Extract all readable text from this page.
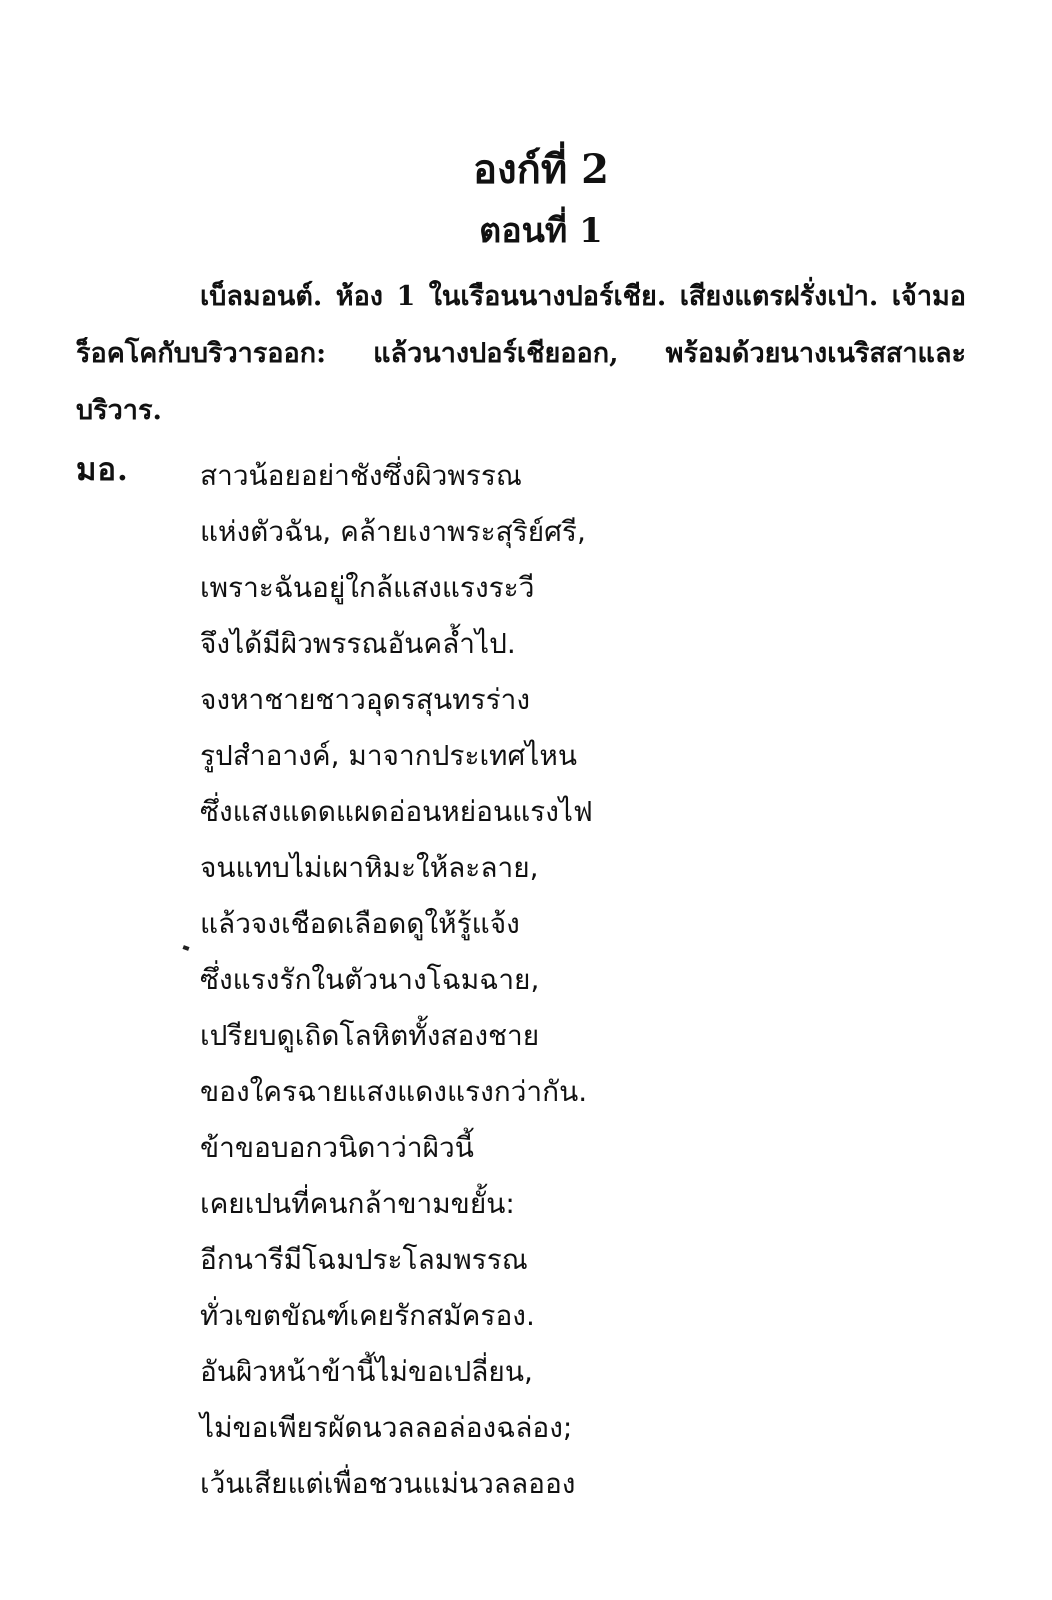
องก์ที่ 2
ตอนที่ 1

เบ็ลมอนต์. ห้อง 1 ในเรือนนางปอร์เชีย. เสียงแตรฝรั่งเป่า. เจ้ามอร็อคโคกับบริวารออก: แล้วนางปอร์เชียออก, พร้อมด้วยนางเนริสสาและบริวาร.

มอ.	สาวน้อยอย่าชังซึ่งผิวพรรณ
แห่งตัวฉัน, คล้ายเงาพระสุริย์ศรี,
เพราะฉันอยู่ใกล้แสงแรงระวี
จึงได้มีผิวพรรณอันคล้ำไป.
จงหาชายชาวอุดรสุนทรร่าง
รูปสำอางค์, มาจากประเทศไหน
ซึ่งแสงแดดแผดอ่อนหย่อนแรงไฟ
จนแทบไม่เผาหิมะให้ละลาย,
แล้วจงเชือดเลือดดูให้รู้แจ้ง
ซึ่งแรงรักในตัวนางโฉมฉาย,
เปรียบดูเถิดโลหิตทั้งสองชาย
ของใครฉายแสงแดงแรงกว่ากัน.
ข้าขอบอกวนิดาว่าผิวนี้
เคยเปนที่คนกล้าขามขยั้น:
อีกนารีมีโฉมประโลมพรรณ
ทั่วเขตขัณฑ์เคยรักสมัครอง.
อันผิวหน้าข้านี้ไม่ขอเปลี่ยน,
ไม่ขอเพียรผัดนวลลอล่องฉล่อง;
เว้นเสียแต่เพื่อชวนแม่นวลลออง
